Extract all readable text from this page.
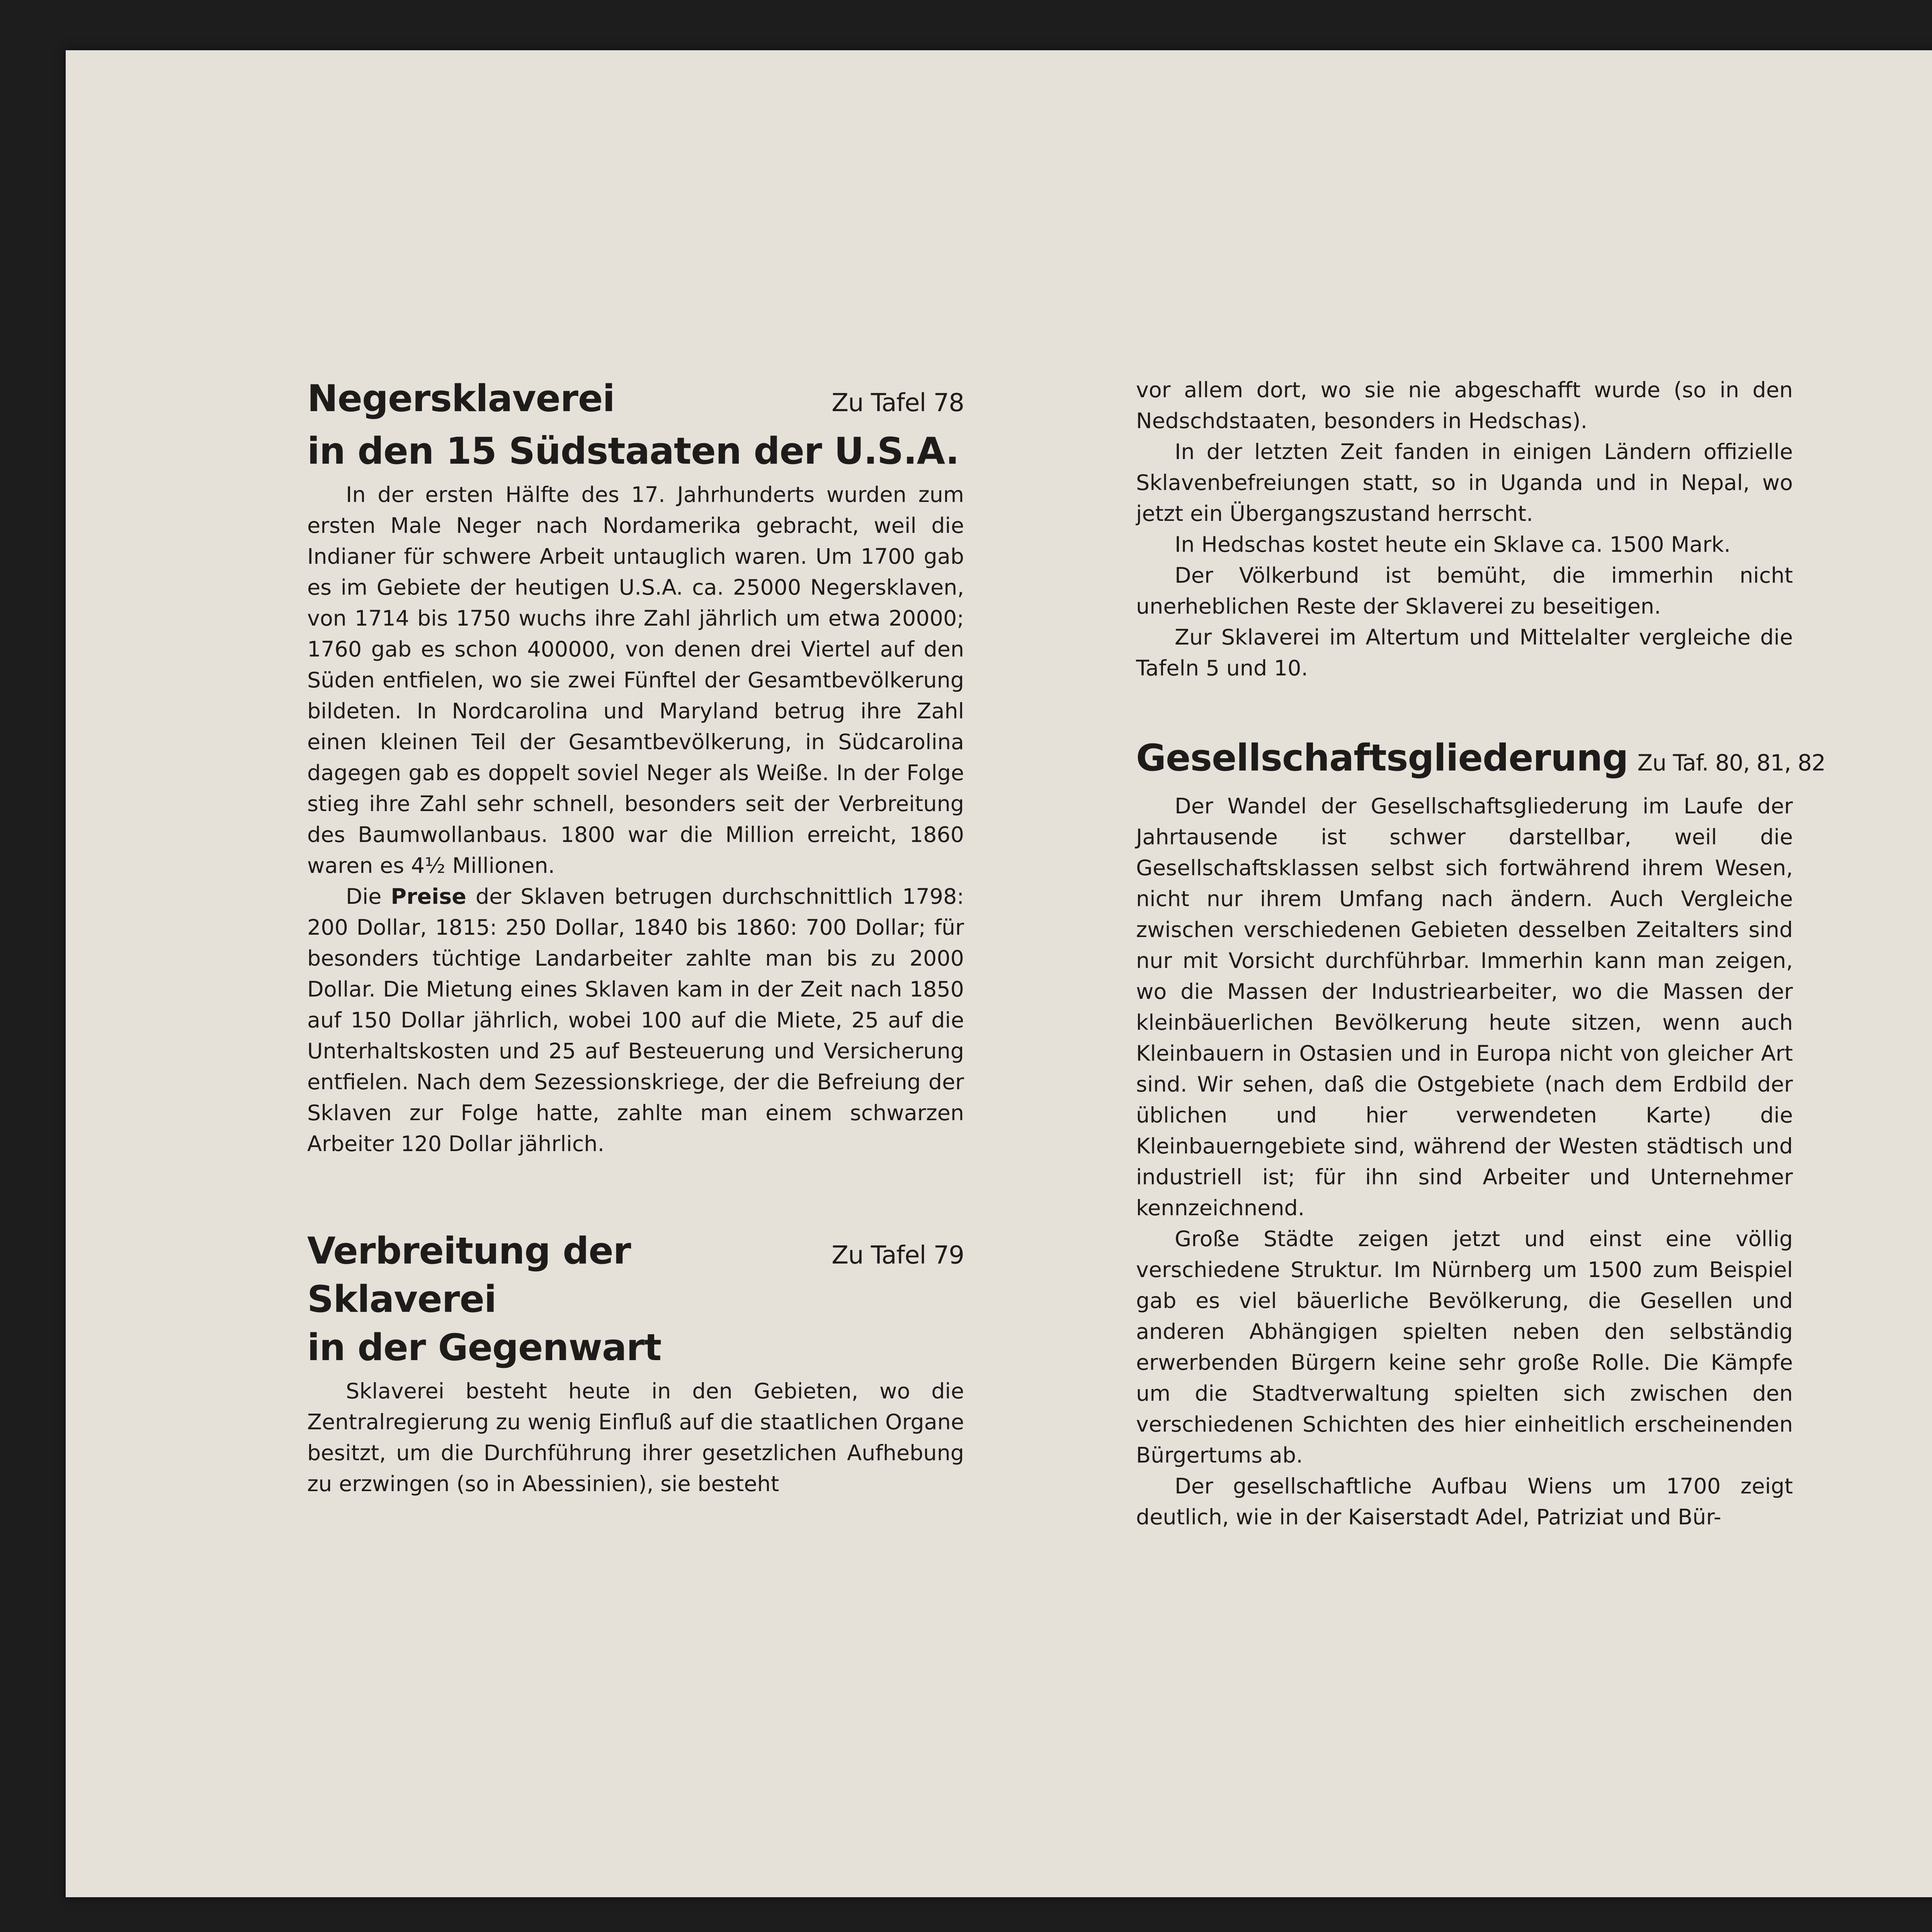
Negersklaverei	Zu Tafel 78
in den 15 Südstaaten der U.S.A.

In der ersten Hälfte des 17. Jahrhunderts wurden zum ersten Male Neger nach Nordamerika gebracht, weil die Indianer für schwere Arbeit untauglich waren. Um 1700 gab es im Gebiete der heutigen U.S.A. ca. 25000 Negersklaven, von 1714 bis 1750 wuchs ihre Zahl jährlich um etwa 20000; 1760 gab es schon 400000, von denen drei Viertel auf den Süden entfielen, wo sie zwei Fünftel der Gesamtbevölkerung bildeten. In Nordcarolina und Maryland betrug ihre Zahl einen kleinen Teil der Gesamtbevölkerung, in Südcarolina dagegen gab es doppelt soviel Neger als Weiße. In der Folge stieg ihre Zahl sehr schnell, besonders seit der Verbreitung des Baumwollanbaus. 1800 war die Million erreicht, 1860 waren es 4½ Millionen.

Die Preise der Sklaven betrugen durchschnittlich 1798: 200 Dollar, 1815: 250 Dollar, 1840 bis 1860: 700 Dollar; für besonders tüchtige Landarbeiter zahlte man bis zu 2000 Dollar. Die Mietung eines Sklaven kam in der Zeit nach 1850 auf 150 Dollar jährlich, wobei 100 auf die Miete, 25 auf die Unterhaltskosten und 25 auf Besteuerung und Versicherung entfielen. Nach dem Sezessionskriege, der die Befreiung der Sklaven zur Folge hatte, zahlte man einem schwarzen Arbeiter 120 Dollar jährlich.

Verbreitung der Sklaverei
Zu Tafel 79
in der Gegenwart

Sklaverei besteht heute in den Gebieten, wo die Zentralregierung zu wenig Einfluß auf die staatlichen Organe besitzt, um die Durchführung ihrer gesetzlichen Aufhebung zu erzwingen (so in Abessinien), sie besteht

vor allem dort, wo sie nie abgeschafft wurde (so in den Nedschdstaaten, besonders in Hedschas).

In der letzten Zeit fanden in einigen Ländern offizielle Sklavenbefreiungen statt, so in Uganda und in Nepal, wo jetzt ein Übergangszustand herrscht.

In Hedschas kostet heute ein Sklave ca. 1500 Mark.

Der Völkerbund ist bemüht, die immerhin nicht unerheblichen Reste der Sklaverei zu beseitigen.

Zur Sklaverei im Altertum und Mittelalter vergleiche die Tafeln 5 und 10.

Gesellschaftsgliederung Zu Taf. 80, 81, 82

Der Wandel der Gesellschaftsgliederung im Laufe der Jahrtausende ist schwer darstellbar, weil die Gesellschaftsklassen selbst sich fortwährend ihrem Wesen, nicht nur ihrem Umfang nach ändern. Auch Vergleiche zwischen verschiedenen Gebieten desselben Zeitalters sind nur mit Vorsicht durchführbar. Immerhin kann man zeigen, wo die Massen der Industriearbeiter, wo die Massen der kleinbäuerlichen Bevölkerung heute sitzen, wenn auch Kleinbauern in Ostasien und in Europa nicht von gleicher Art sind. Wir sehen, daß die Ostgebiete (nach dem Erdbild der üblichen und hier verwendeten Karte) die Kleinbauerngebiete sind, während der Westen städtisch und industriell ist; für ihn sind Arbeiter und Unternehmer kennzeichnend.

Große Städte zeigen jetzt und einst eine völlig verschiedene Struktur. Im Nürnberg um 1500 zum Beispiel gab es viel bäuerliche Bevölkerung, die Gesellen und anderen Abhängigen spielten neben den selbständig erwerbenden Bürgern keine sehr große Rolle. Die Kämpfe um die Stadtverwaltung spielten sich zwischen den verschiedenen Schichten des hier einheitlich erscheinenden Bürgertums ab.

Der gesellschaftliche Aufbau Wiens um 1700 zeigt deutlich, wie in der Kaiserstadt Adel, Patriziat und Bür-
